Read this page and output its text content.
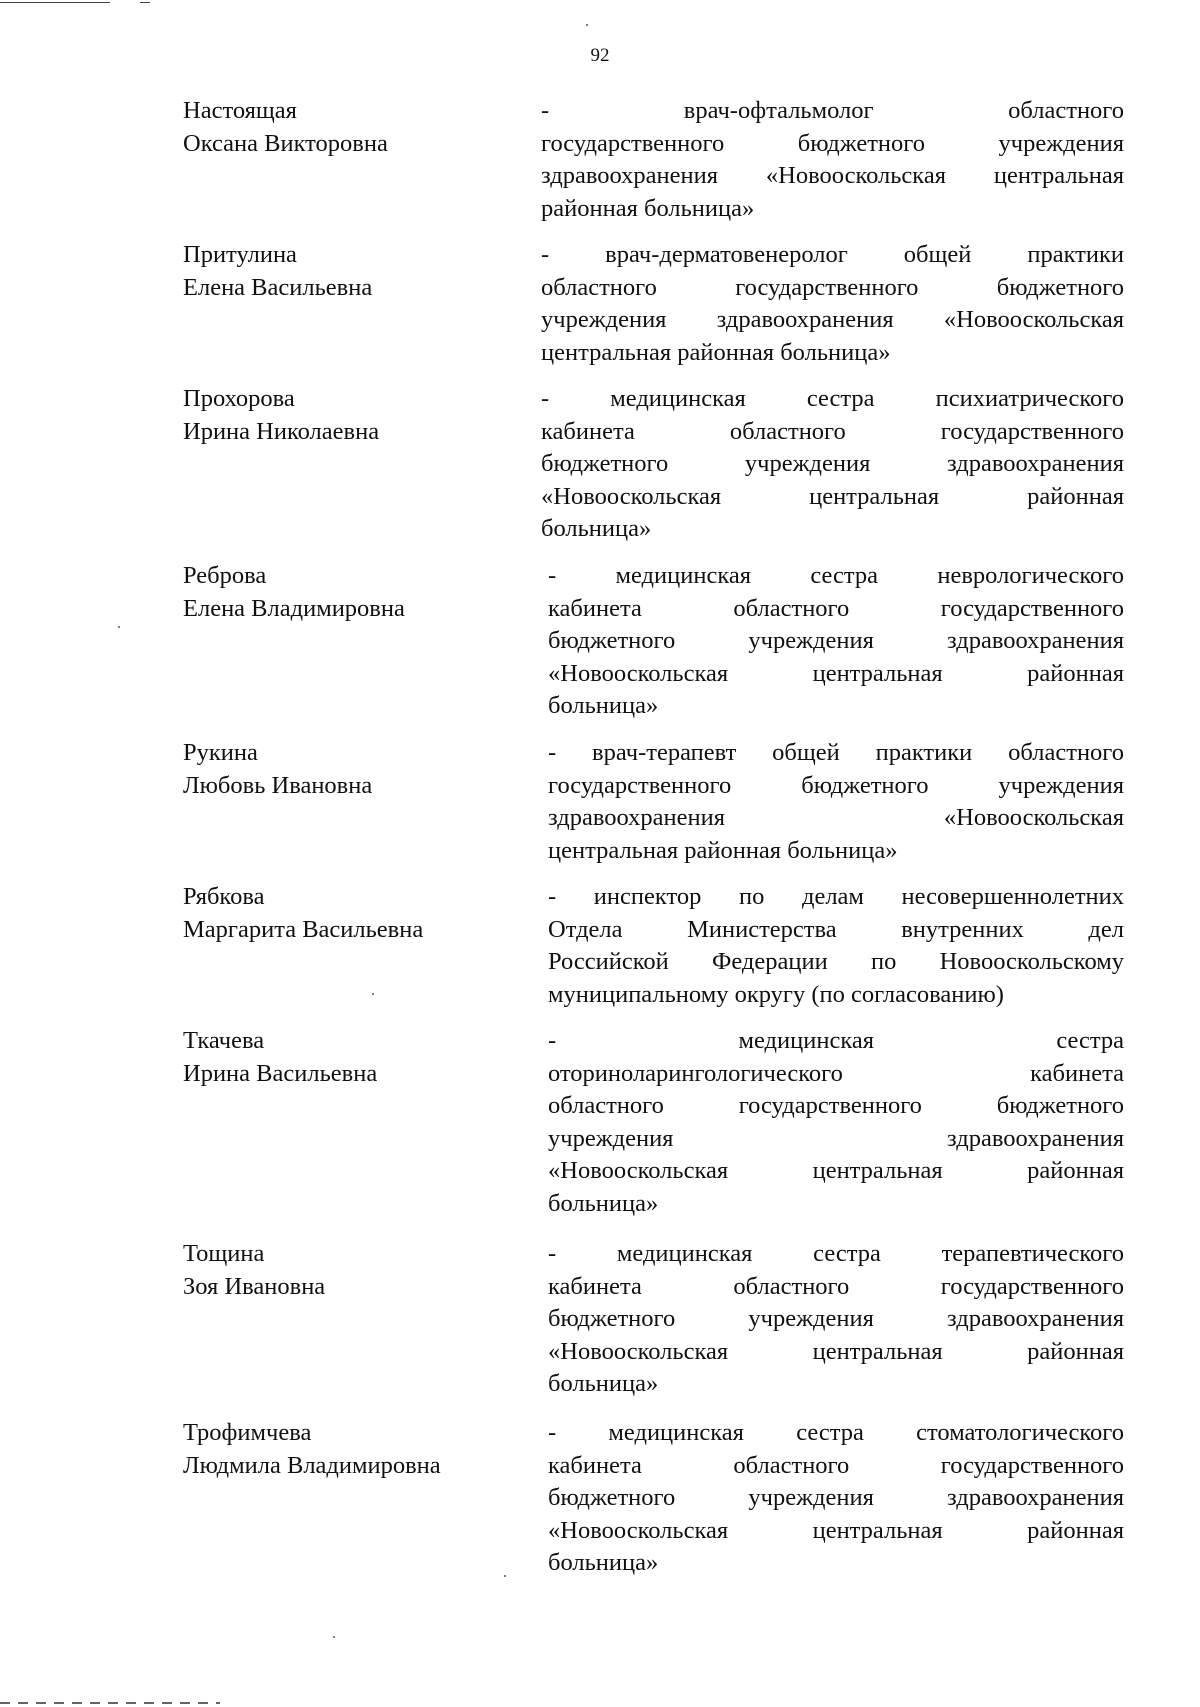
92
Настоящая
Оксана Викторовна
- врач-офтальмолог областного
государственного бюджетного учреждения
здравоохранения «Новооскольская центральная
районная больница»
Притулина
Елена Васильевна
- врач-дерматовенеролог общей практики
областного государственного бюджетного
учреждения здравоохранения «Новооскольская
центральная районная больница»
Прохорова
Ирина Николаевна
- медицинская сестра психиатрического
кабинета областного государственного
бюджетного учреждения здравоохранения
«Новооскольская центральная районная
больница»
Реброва
Елена Владимировна
- медицинская сестра неврологического
кабинета областного государственного
бюджетного учреждения здравоохранения
«Новооскольская центральная районная
больница»
Рукина
Любовь Ивановна
- врач-терапевт общей практики областного
государственного бюджетного учреждения
здравоохранения «Новооскольская
центральная районная больница»
Рябкова
Маргарита Васильевна
- инспектор по делам несовершеннолетних
Отдела Министерства внутренних дел
Российской Федерации по Новооскольскому
муниципальному округу (по согласованию)
Ткачева
Ирина Васильевна
- медицинская сестра
оториноларингологического кабинета
областного государственного бюджетного
учреждения здравоохранения
«Новооскольская центральная районная
больница»
Тощина
Зоя Ивановна
- медицинская сестра терапевтического
кабинета областного государственного
бюджетного учреждения здравоохранения
«Новооскольская центральная районная
больница»
Трофимчева
Людмила Владимировна
- медицинская сестра стоматологического
кабинета областного государственного
бюджетного учреждения здравоохранения
«Новооскольская центральная районная
больница»
